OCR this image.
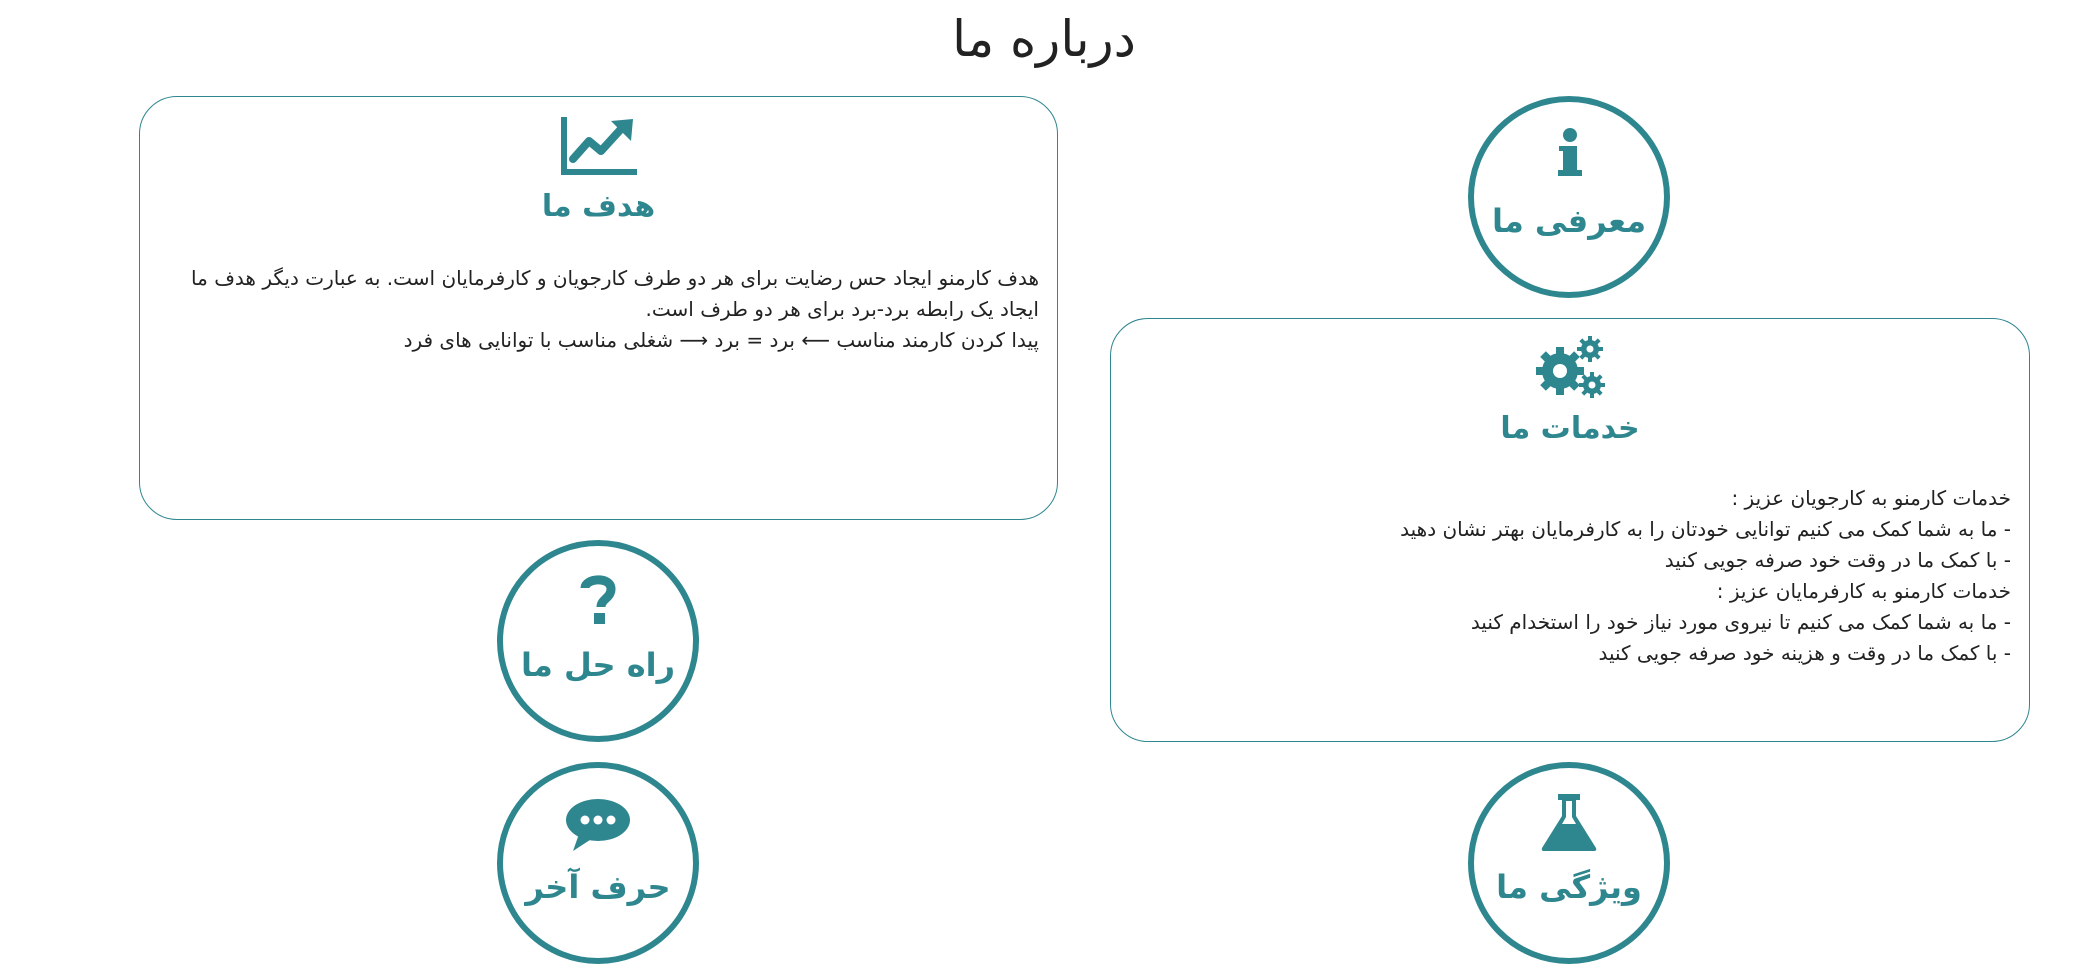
درباره ما
هدف ما
هدف کارمنو ایجاد حس رضایت برای هر دو طرف کارجویان و کارفرمایان است. به عبارت دیگر هدف ما
ایجاد یک رابطه برد-برد برای هر دو طرف است.
پیدا کردن کارمند مناسب ⟵ برد = برد ⟶ شغلی مناسب با توانایی های فرد
خدمات ما
خدمات کارمنو به کارجویان عزیز :
- ما به شما کمک می کنیم توانایی خودتان را به کارفرمایان بهتر نشان دهید
- با کمک ما در وقت خود صرفه جویی کنید
خدمات کارمنو به کارفرمایان عزیز :
- ما به شما کمک می کنیم تا نیروی مورد نیاز خود را استخدام کنید
- با کمک ما در وقت و هزینه خود صرفه جویی کنید
معرفی ما
راه حل ما
حرف آخر	ویژگی ما
